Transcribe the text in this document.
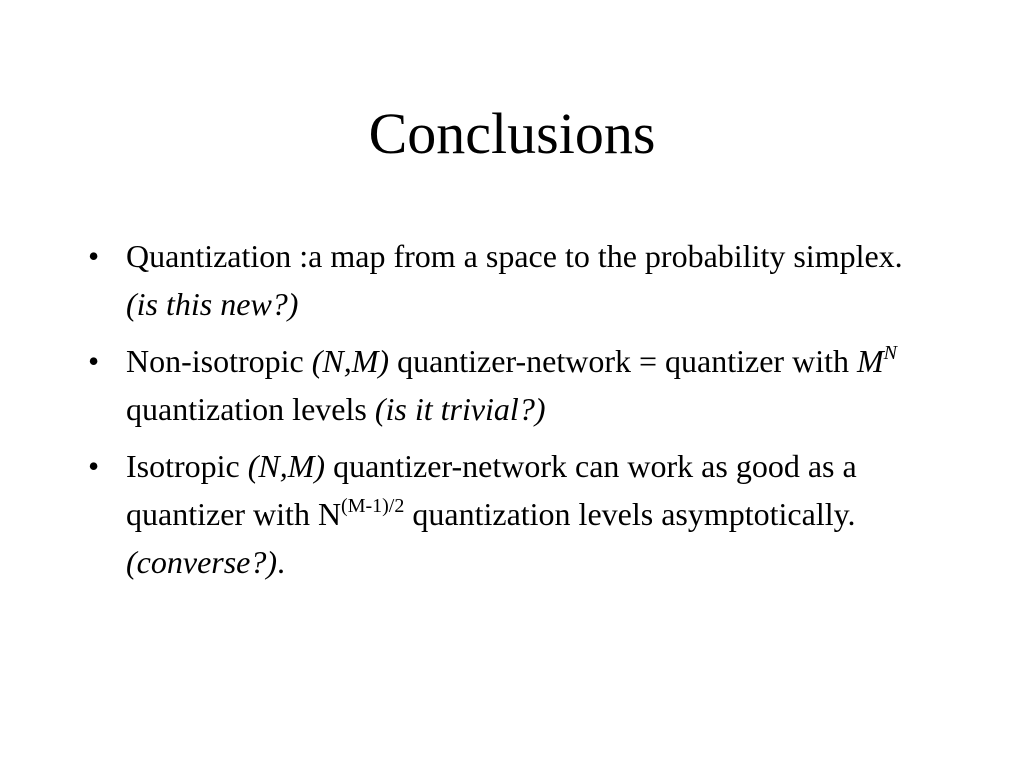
Conclusions
• Quantization :a map from a space to the probability simplex. (is this new?)
• Non-isotropic (N,M) quantizer-network = quantizer with $M^N$ quantization levels (is it trivial?)
• Isotropic (N,M) quantizer-network can work as good as a quantizer with $N^{(M-1)/2}$ quantization levels asymptotically. (converse?).
